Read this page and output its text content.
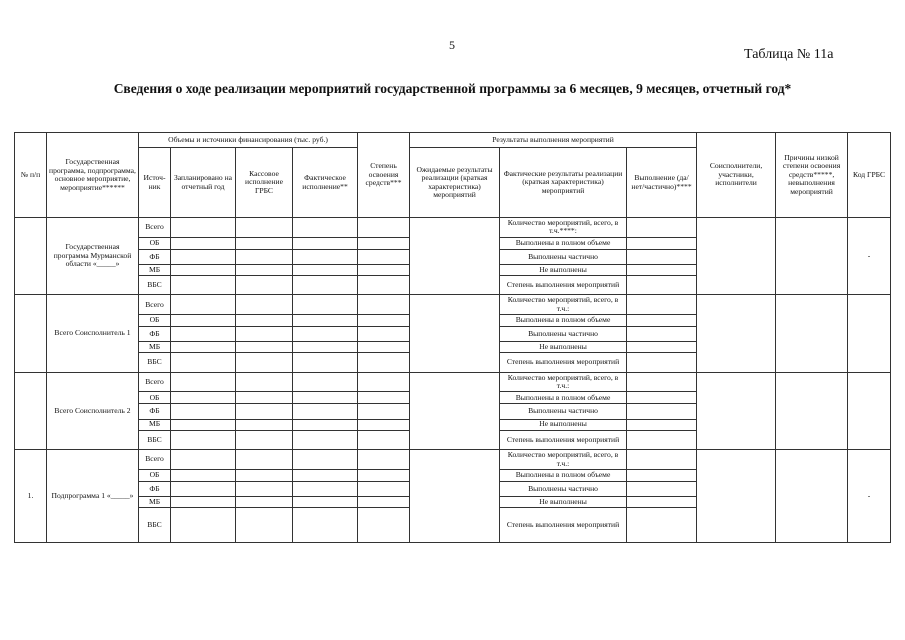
5
Таблица № 11а
Сведения о ходе реализации мероприятий государственной программы за 6 месяцев, 9 месяцев, отчетный год*
№ п/п	Государственная программа, подпрограмма, основное мероприятие, мероприятие******	Объемы и источники финансирования (тыс. руб.)				Степень освоения средств***	Результаты выполнения мероприятий			Соисполнители, участники, исполнители	Причины низкой степени освоения средств*****, невыполнения мероприятий	Код ГРБС
		Источ-ник	Запланировано на отчетный год	Кассовое исполнение ГРБС	Фактическое исполнение**		Ожидаемые результаты реализации (краткая характеристика) мероприятий	Фактические результаты реализации (краткая характеристика) мероприятий	Выполнение (да/нет/частично)****			
	Государственная программа Мурманской области «_____»	Всего						Количество мероприятий, всего, в т.ч.****:				-
		ОБ						Выполнены в полном объеме				
		ФБ						Выполнены частично				
		МБ						Не выполнены				
		ВБС						Степень выполнения мероприятий				
	Всего Соисполнитель 1	Всего						Количество мероприятий, всего, в т.ч.:				
		ОБ						Выполнены в полном объеме				
		ФБ						Выполнены частично				
		МБ						Не выполнены				
		ВБС						Степень выполнения мероприятий				
	Всего Соисполнитель 2	Всего						Количество мероприятий, всего, в т.ч.:				
		ОБ						Выполнены в полном объеме				
		ФБ						Выполнены частично				
		МБ						Не выполнены				
		ВБС						Степень выполнения мероприятий				
1.	Подпрограмма 1 «_____»	Всего						Количество мероприятий, всего, в т.ч.:				-
		ОБ						Выполнены в полном объеме				
		ФБ						Выполнены частично				
		МБ						Не выполнены				
		ВБС						Степень выполнения мероприятий				
